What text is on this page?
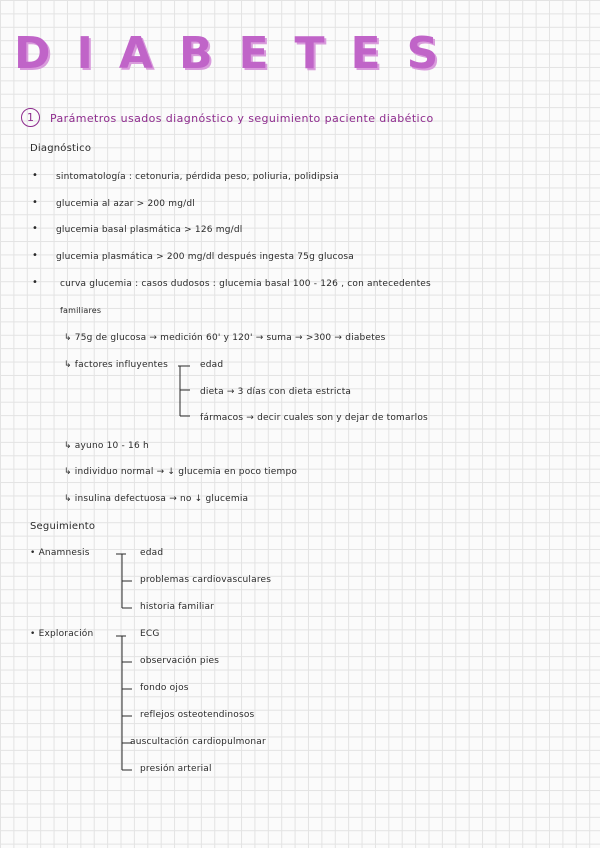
DIABETES
1	Parámetros usados diagnóstico y seguimiento paciente diabético
Diagnóstico
• sintomatología : cetonuria, pérdida peso, poliuria, polidipsia
• glucemia al azar > 200 mg/dl
• glucemia basal plasmática > 126 mg/dl
• glucemia plasmática > 200 mg/dl después ingesta 75g glucosa
• curva glucemia : casos dudosos : glucemia basal 100 - 126 , con antecedentes
familiares
↳ 75g de glucosa → medición 60' y 120' → suma → >300 → diabetes
↳ factores influyentes	edad
dieta → 3 días con dieta estricta
fármacos → decir cuales son y dejar de tomarlos
↳ ayuno 10 - 16 h
↳ individuo normal → ↓ glucemia en poco tiempo
↳ insulina defectuosa → no ↓ glucemia
Seguimiento
• Anamnesis	edad
problemas cardiovasculares
historia familiar
• Exploración	ECG
observación pies
fondo ojos
reflejos osteotendinosos
auscultación cardiopulmonar
presión arterial
